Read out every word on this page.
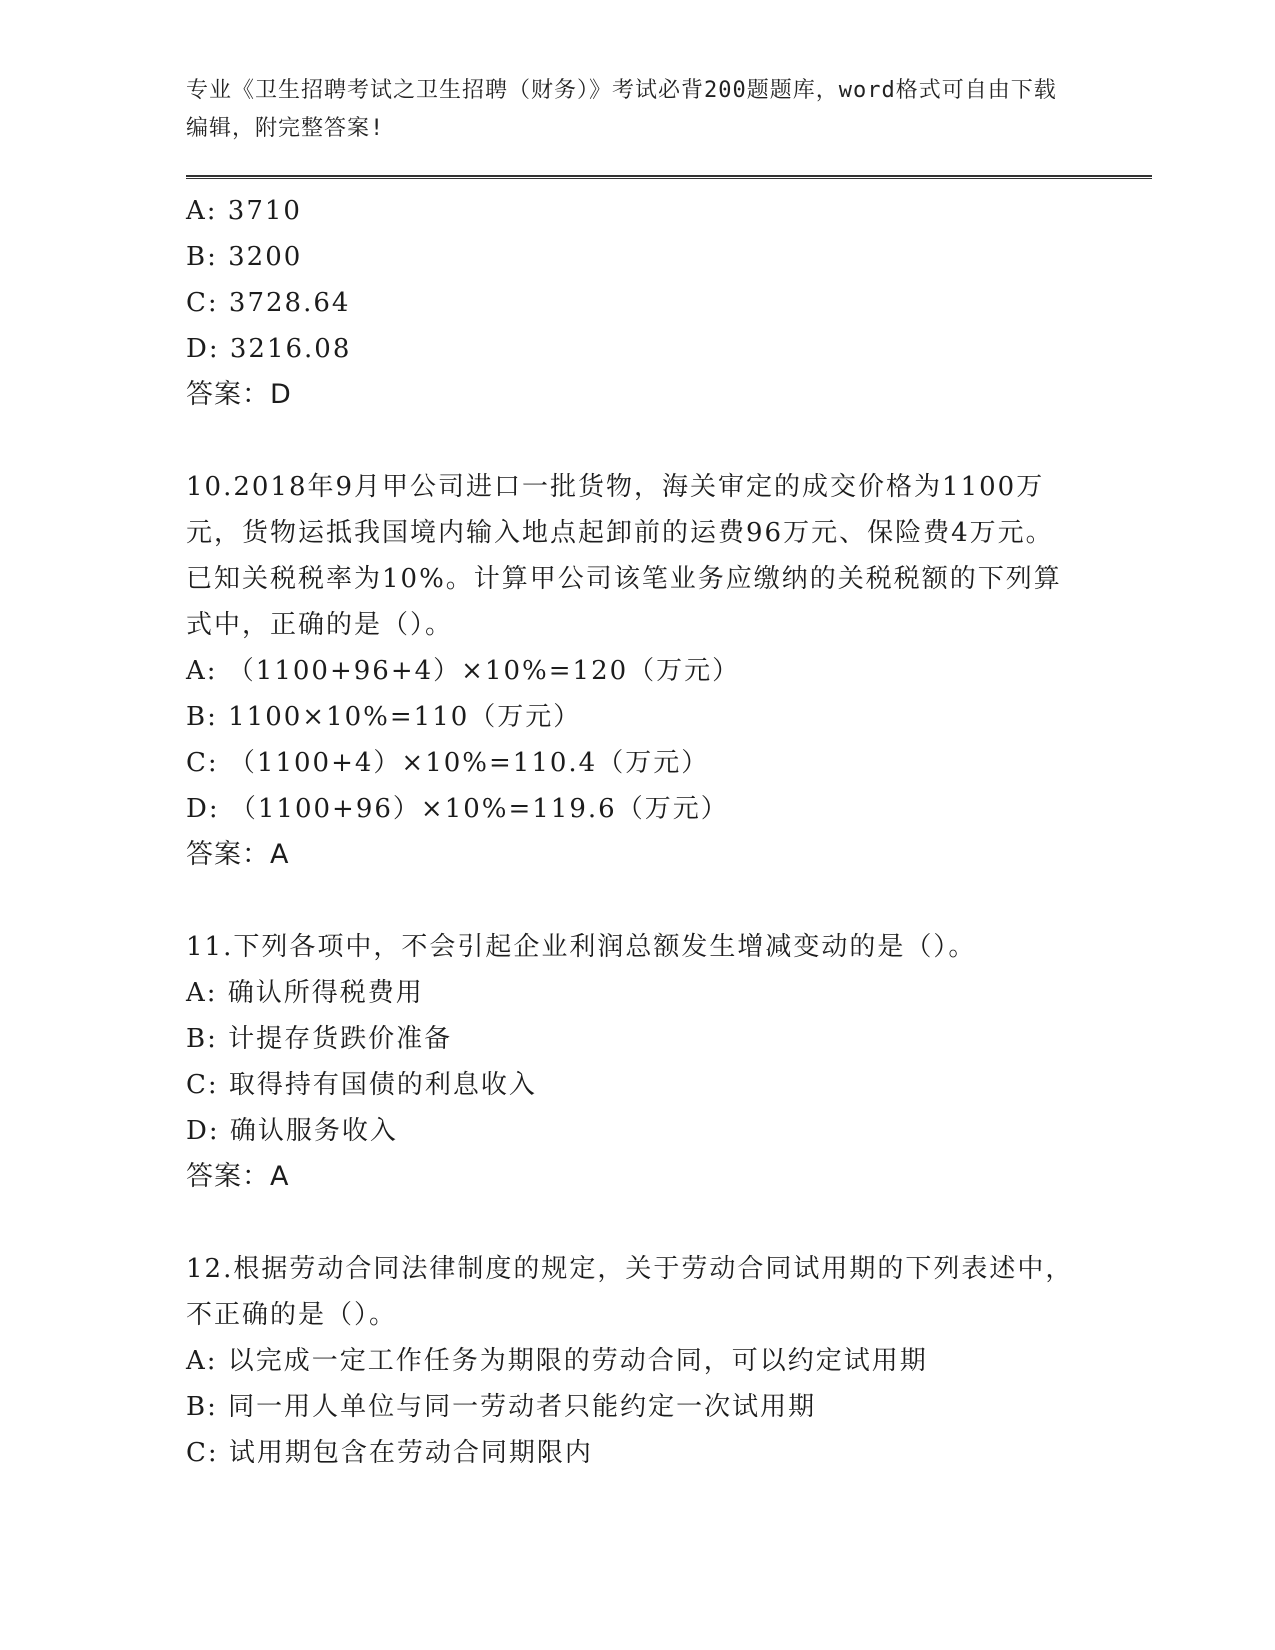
专业《卫生招聘考试之卫生招聘（财务）》考试必背200题题库，word格式可自由下载编辑，附完整答案!
A: 3710
B: 3200
C: 3728.64
D: 3216.08
答案：D
10.2018年9月甲公司进口一批货物，海关审定的成交价格为1100万元，货物运抵我国境内输入地点起卸前的运费96万元、保险费4万元。已知关税税率为10%。计算甲公司该笔业务应缴纳的关税税额的下列算式中，正确的是（）。
A: （1100+96+4）×10%=120（万元）
B: 1100×10%=110（万元）
C: （1100+4）×10%=110.4（万元）
D: （1100+96）×10%=119.6（万元）
答案：A
11.下列各项中，不会引起企业利润总额发生增减变动的是（）。
A: 确认所得税费用
B: 计提存货跌价准备
C: 取得持有国债的利息收入
D: 确认服务收入
答案：A
12.根据劳动合同法律制度的规定，关于劳动合同试用期的下列表述中，不正确的是（）。
A: 以完成一定工作任务为期限的劳动合同，可以约定试用期
B: 同一用人单位与同一劳动者只能约定一次试用期
C: 试用期包含在劳动合同期限内
